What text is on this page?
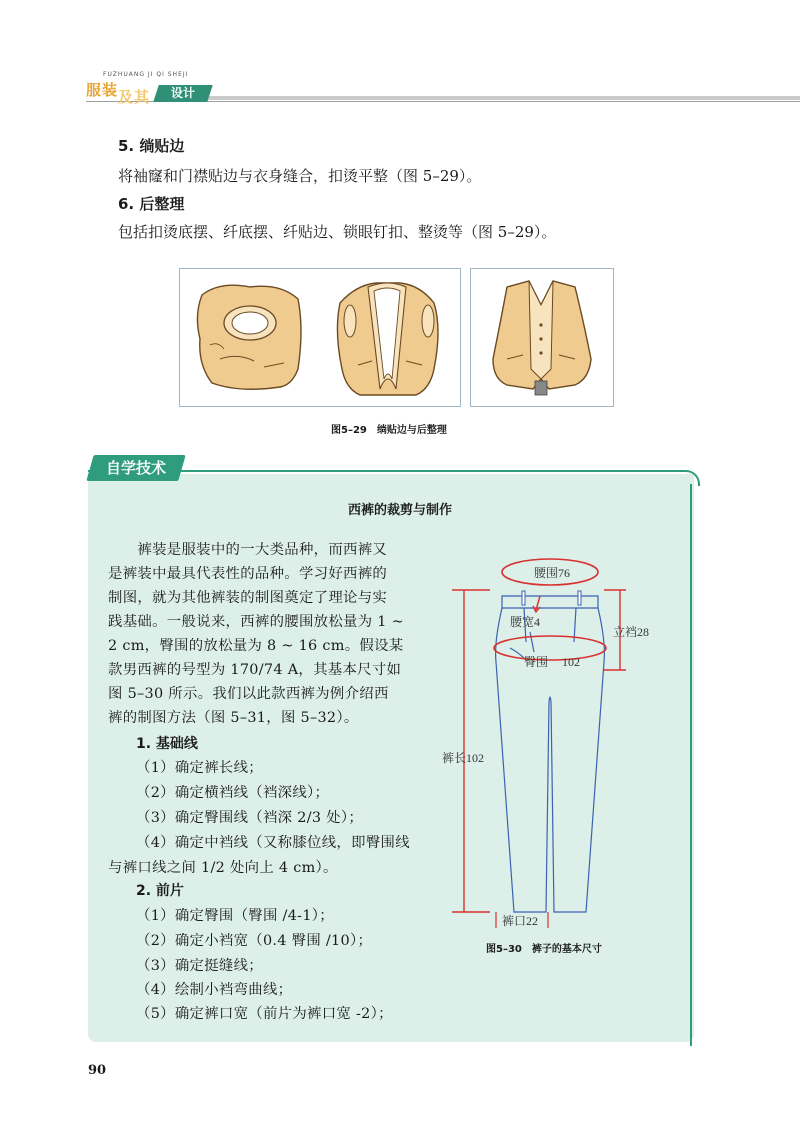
FUZHUANG JI QI SHEJI
服装 及其	设计
5. 绱贴边
将袖窿和门襟贴边与衣身缝合，扣烫平整（图 5–29）。
6. 后整理
包括扣烫底摆、纤底摆、纤贴边、锁眼钉扣、整烫等（图 5–29）。
图5–29　绱贴边与后整理
自学技术
西裤的裁剪与制作
　　裤装是服装中的一大类品种，而西裤又
是裤装中最具代表性的品种。学习好西裤的
制图，就为其他裤装的制图奠定了理论与实
践基础。一般说来，西裤的腰围放松量为 1 ~
2 cm，臀围的放松量为 8 ~ 16 cm。假设某
款男西裤的号型为 170/74 A，其基本尺寸如
图 5–30 所示。我们以此款西裤为例介绍西
裤的制图方法（图 5–31，图 5–32）。
1. 基础线
（1）确定裤长线；
（2）确定横裆线（裆深线）；
（3）确定臀围线（裆深 2/3 处）；
（4）确定中裆线（又称膝位线，即臀围线
与裤口线之间 1/2 处向上 4 cm）。
2. 前片
（1）确定臀围（臀围 /4-1）；
（2）确定小裆宽（0.4 臀围 /10）；
（3）确定挺缝线；
（4）绘制小裆弯曲线；
（5）确定裤口宽（前片为裤口宽 -2）；
腰围76
腰宽4
臀围 102
立裆28
裤长102
裤口22
图5–30　裤子的基本尺寸
90
